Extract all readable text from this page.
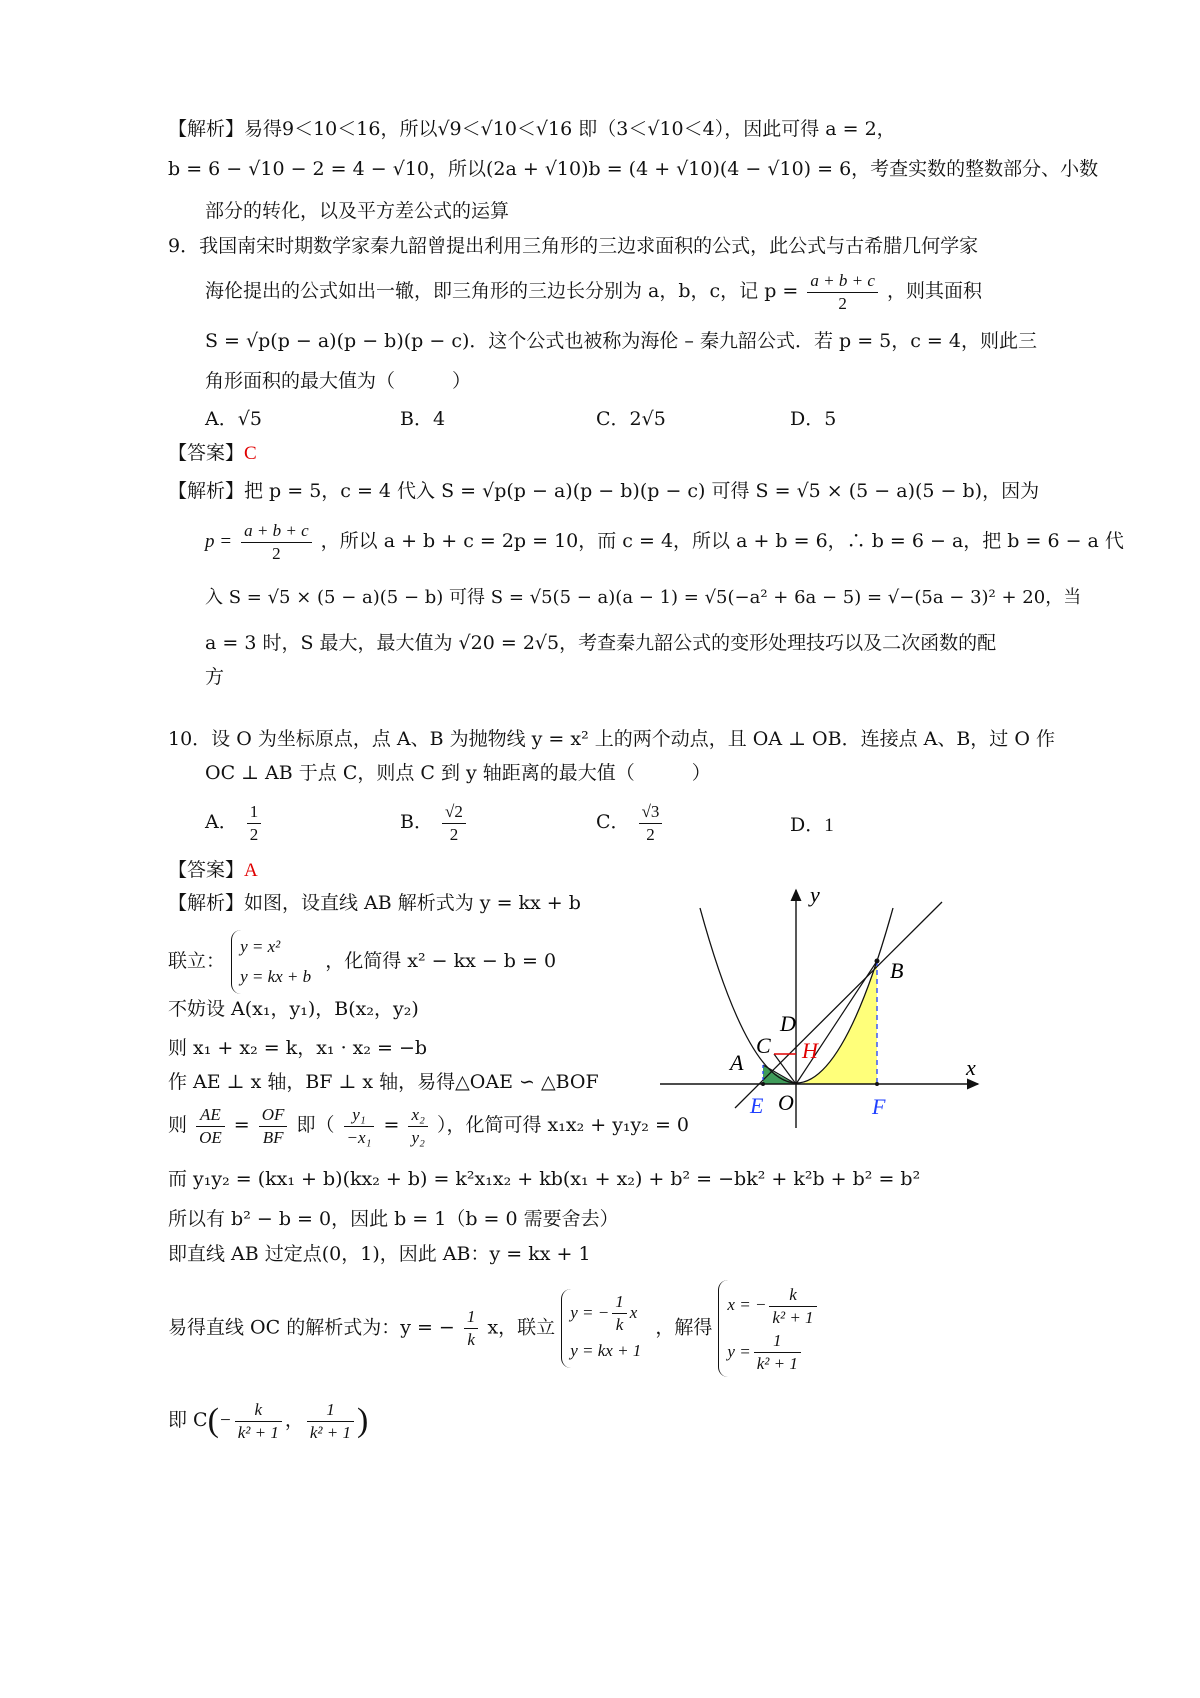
【解析】易得9＜10＜16，所以√9＜√10＜√16 即（3＜√10＜4），因此可得 a = 2，
b = 6 − √10 − 2 = 4 − √10，所以(2a + √10)b = (4 + √10)(4 − √10) = 6，考查实数的整数部分、小数
部分的转化，以及平方差公式的运算
9．我国南宋时期数学家秦九韶曾提出利用三角形的三边求面积的公式，此公式与古希腊几何学家
海伦提出的公式如出一辙，即三角形的三边长分别为 a，b，c，记 $p = \frac{a + b + c}{2}$ ，则其面积
S = √p(p − a)(p − b)(p − c)．这个公式也被称为海伦 – 秦九韶公式．若 p = 5，c = 4，则此三
角形面积的最大值为（　　　）
A．√5	B．4	C．2√5	D．5
【答案】C
【解析】把 p = 5，c = 4 代入 S = √p(p − a)(p − b)(p − c) 可得 S = √5 × (5 − a)(5 − b)，因为
$p = \frac{a + b + c}{2}$ ，所以 a + b + c = 2p = 10，而 c = 4，所以 a + b = 6，∴ b = 6 − a，把 b = 6 − a 代
入 S = √5 × (5 − a)(5 − b) 可得 S = √5(5 − a)(a − 1) = √5(−a² + 6a − 5) = √−(5a − 3)² + 20，当
a = 3 时，S 最大，最大值为 √20 = 2√5，考查秦九韶公式的变形处理技巧以及二次函数的配
方
10．设 O 为坐标原点，点 A、B 为抛物线 y = x² 上的两个动点，且 OA ⊥ OB．连接点 A、B，过 O 作
OC ⊥ AB 于点 C，则点 C 到 y 轴距离的最大值（　　　）
A． $\frac{1}{2}$	B． $\frac{√2}{2}$	C． $\frac{√3}{2}$	D．1
【答案】A
【解析】如图，设直线 AB 解析式为 y = kx + b
联立：
y = x²
y = kx + b
，化简得 x² − kx − b = 0
不妨设 A(x₁，y₁)，B(x₂，y₂)
则 x₁ + x₂ = k，x₁ · x₂ = −b
作 AE ⊥ x 轴，BF ⊥ x 轴，易得△OAE ∽ △BOF
则 $\frac{AE}{OE} = \frac{OF}{BF}$ 即（ $\frac{\text{y₁}}{\text{−x₁}} = \frac{\text{x₂}}{\text{y₂}}$ ），化简可得 x₁x₂ + y₁y₂ = 0
而 y₁y₂ = (kx₁ + b)(kx₂ + b) = k²x₁x₂ + kb(x₁ + x₂) + b² = −bk² + k²b + b² = b²
所以有 b² − b = 0，因此 b = 1（b = 0 需要舍去）
即直线 AB 过定点(0，1)，因此 AB：y = kx + 1
易得直线 OC 的解析式为：y = − $\frac{1}{k}$ x，联立
y = − $\frac{1}{k}$ x
y = kx + 1
，解得
x = − $\frac{k}{\text{k² + 1}}$
$y = \frac{1}{\text{k² + 1}}$
即 $C(- \frac{k}{\text{k² + 1}}$ ， $\frac{1}{\text{k² + 1}}$ )
y
x
B
D
C H
A
E O	F
